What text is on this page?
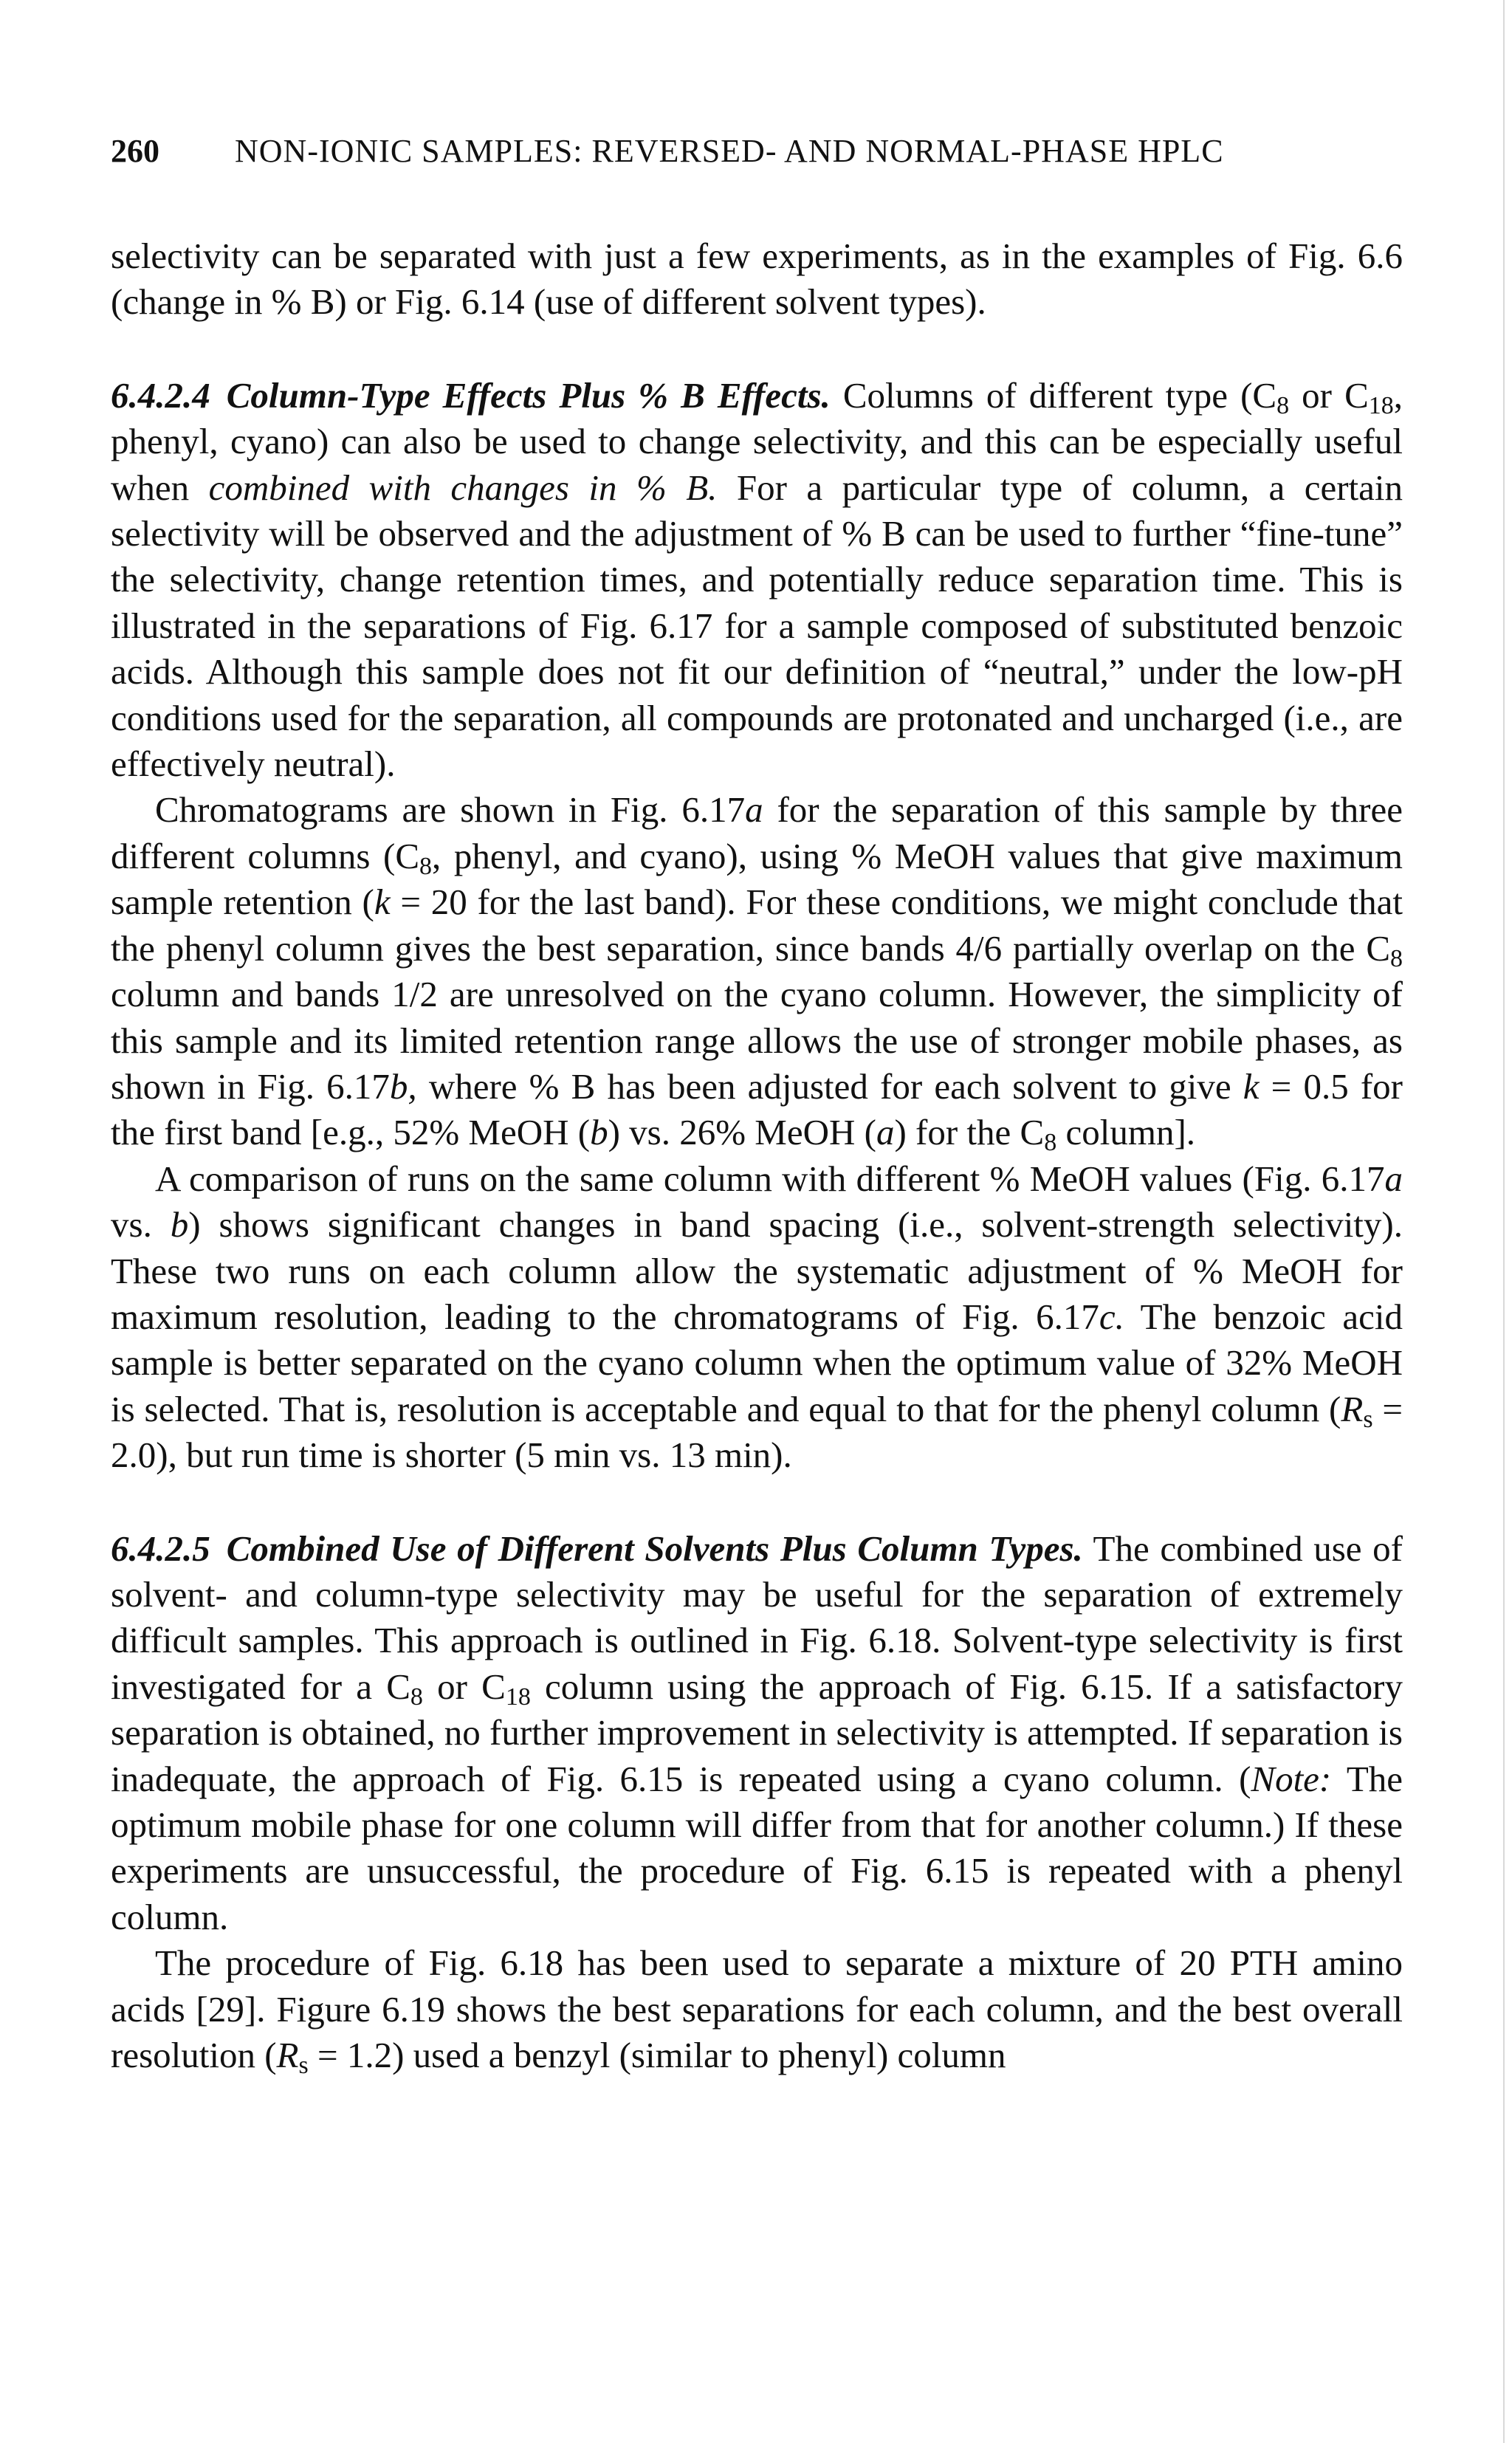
260	NON-IONIC SAMPLES: REVERSED- AND NORMAL-PHASE HPLC

selectivity can be separated with just a few experiments, as in the examples of Fig. 6.6 (change in % B) or Fig. 6.14 (use of different solvent types).

6.4.2.4 Column-Type Effects Plus % B Effects. Columns of different type ($C_8$ or $C_{18}$, phenyl, cyano) can also be used to change selectivity, and this can be especially useful when combined with changes in % B. For a particular type of column, a certain selectivity will be observed and the adjustment of % B can be used to further “fine-tune” the selectivity, change retention times, and potentially reduce separation time. This is illustrated in the separations of Fig. 6.17 for a sample composed of substituted benzoic acids. Although this sample does not fit our definition of “neutral,” under the low-pH conditions used for the separation, all compounds are protonated and uncharged (i.e., are effectively neutral).

Chromatograms are shown in Fig. 6.17a for the separation of this sample by three different columns ($C_8$, phenyl, and cyano), using % MeOH values that give maximum sample retention (k = 20 for the last band). For these conditions, we might conclude that the phenyl column gives the best separation, since bands 4/6 partially overlap on the $C_8$ column and bands 1/2 are unresolved on the cyano column. However, the simplicity of this sample and its limited retention range allows the use of stronger mobile phases, as shown in Fig. 6.17b, where % B has been adjusted for each solvent to give k = 0.5 for the first band [e.g., 52% MeOH (b) vs. 26% MeOH (a) for the $C_8$ column].

A comparison of runs on the same column with different % MeOH values (Fig. 6.17a vs. b) shows significant changes in band spacing (i.e., solvent-strength selectivity). These two runs on each column allow the systematic adjustment of % MeOH for maximum resolution, leading to the chromatograms of Fig. 6.17c. The benzoic acid sample is better separated on the cyano column when the optimum value of 32% MeOH is selected. That is, resolution is acceptable and equal to that for the phenyl column $(R_s = 2.0)$, but run time is shorter (5 min vs. 13 min).

6.4.2.5 Combined Use of Different Solvents Plus Column Types. The combined use of solvent- and column-type selectivity may be useful for the separation of extremely difficult samples. This approach is outlined in Fig. 6.18. Solvent-type selectivity is first investigated for a $C_8$ or $C_{18}$ column using the approach of Fig. 6.15. If a satisfactory separation is obtained, no further improvement in selectivity is attempted. If separation is inadequate, the approach of Fig. 6.15 is repeated using a cyano column. (Note: The optimum mobile phase for one column will differ from that for another column.) If these experiments are unsuccessful, the procedure of Fig. 6.15 is repeated with a phenyl column.

The procedure of Fig. 6.18 has been used to separate a mixture of 20 PTH amino acids [29]. Figure 6.19 shows the best separations for each column, and the best overall resolution $(R_s = 1.2)$ used a benzyl (similar to phenyl) column
